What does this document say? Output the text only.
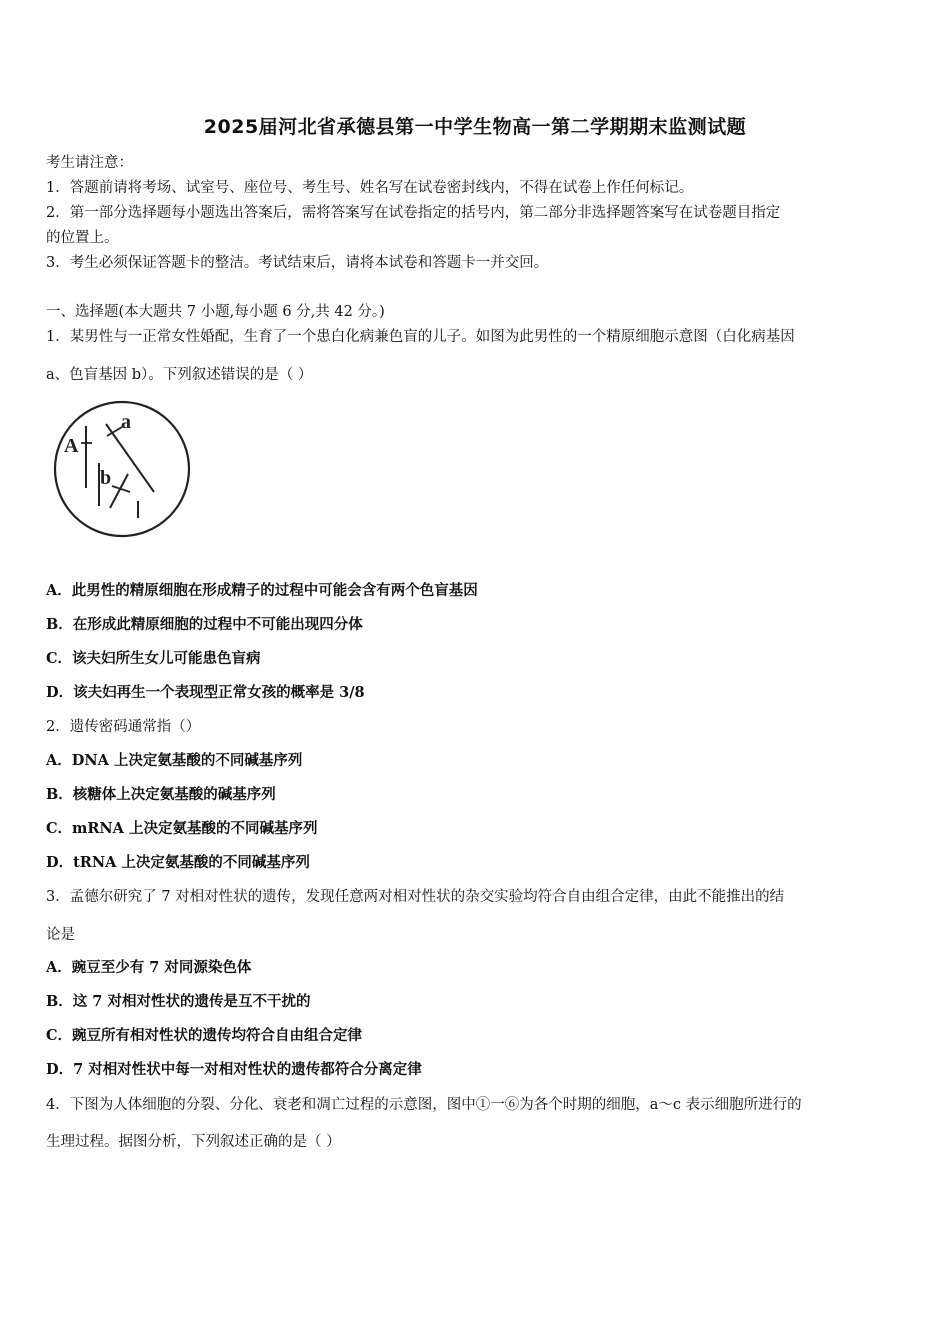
2025届河北省承德县第一中学生物高一第二学期期末监测试题
考生请注意：
1．答题前请将考场、试室号、座位号、考生号、姓名写在试卷密封线内，不得在试卷上作任何标记。
2．第一部分选择题每小题选出答案后，需将答案写在试卷指定的括号内，第二部分非选择题答案写在试卷题目指定
的位置上。
3．考生必须保证答题卡的整洁。考试结束后，请将本试卷和答题卡一并交回。
一、选择题(本大题共 7 小题,每小题 6 分,共 42 分。)
1．某男性与一正常女性婚配，生育了一个患白化病兼色盲的儿子。如图为此男性的一个精原细胞示意图（白化病基因
a、色盲基因 b）。下列叙述错误的是（ ）
A
a
b
A．此男性的精原细胞在形成精子的过程中可能会含有两个色盲基因
B．在形成此精原细胞的过程中不可能出现四分体
C．该夫妇所生女儿可能患色盲病
D．该夫妇再生一个表现型正常女孩的概率是 3/8
2．遗传密码通常指（）
A．DNA 上决定氨基酸的不同碱基序列
B．核糖体上决定氨基酸的碱基序列
C．mRNA 上决定氨基酸的不同碱基序列
D．tRNA 上决定氨基酸的不同碱基序列
3．孟德尔研究了 7 对相对性状的遗传，发现任意两对相对性状的杂交实验均符合自由组合定律，由此不能推出的结
论是
A．豌豆至少有 7 对同源染色体
B．这 7 对相对性状的遗传是互不干扰的
C．豌豆所有相对性状的遗传均符合自由组合定律
D．7 对相对性状中每一对相对性状的遗传都符合分离定律
4．下图为人体细胞的分裂、分化、衰老和凋亡过程的示意图，图中①一⑥为各个时期的细胞，a～c 表示细胞所进行的
生理过程。据图分析，下列叙述正确的是（ ）
